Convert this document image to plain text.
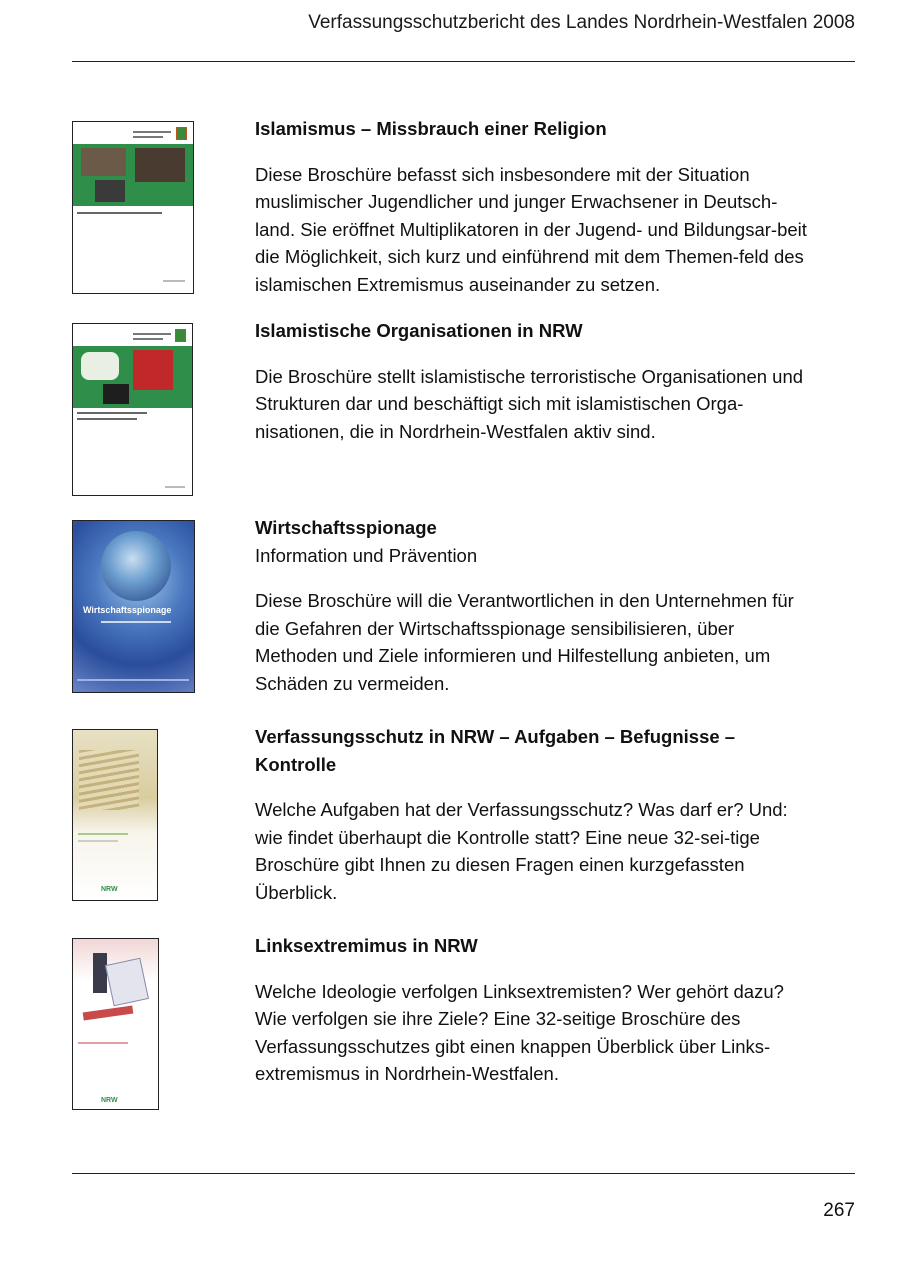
Verfassungsschutzbericht des Landes Nordrhein-Westfalen 2008

Islamismus – Missbrauch einer Religion

Diese Broschüre befasst sich insbesondere mit der Situation muslimischer Jugendlicher und junger Erwachsener in Deutsch-land. Sie eröffnet Multiplikatoren in der Jugend- und Bildungsar-beit die Möglichkeit, sich kurz und einführend mit dem Themen-feld des islamischen Extremismus auseinander zu setzen.

Islamistische Organisationen in NRW

Die Broschüre stellt islamistische terroristische Organisationen und Strukturen dar und beschäftigt sich mit islamistischen Orga-nisationen, die in Nordrhein-Westfalen aktiv sind.

Wirtschaftsspionage

Wirtschaftsspionage

Information und Prävention

Diese Broschüre will die Verantwortlichen in den Unternehmen für die Gefahren der Wirtschaftsspionage sensibilisieren, über Methoden und Ziele informieren und Hilfestellung anbieten, um Schäden zu vermeiden.

NRW

Verfassungsschutz in NRW – Aufgaben – Befugnisse – Kontrolle

Welche Aufgaben hat der Verfassungsschutz? Was darf er? Und: wie findet überhaupt die Kontrolle statt? Eine neue 32-sei-tige Broschüre gibt Ihnen zu diesen Fragen einen kurzgefassten Überblick.

NRW

Linksextremimus in NRW

Welche Ideologie verfolgen Linksextremisten? Wer gehört dazu? Wie verfolgen sie ihre Ziele? Eine 32-seitige Broschüre des Verfassungsschutzes gibt einen knappen Überblick über Links-extremismus in Nordrhein-Westfalen.

267
